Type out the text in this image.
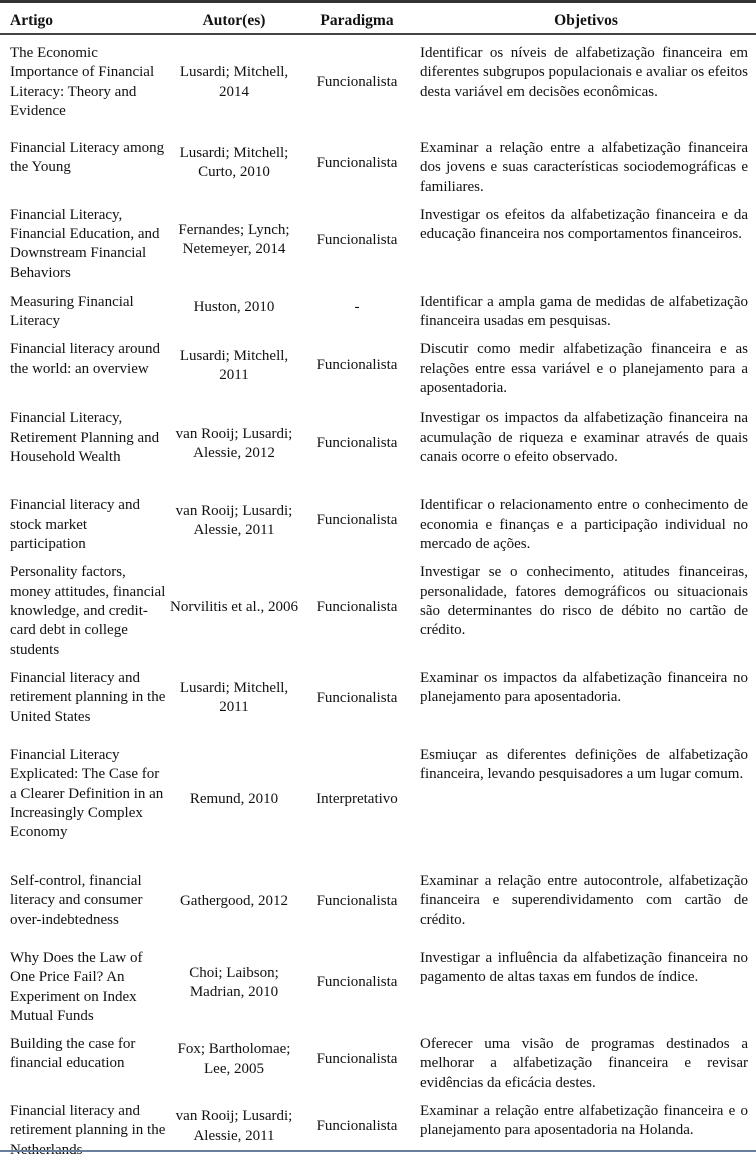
Artigo	Autor(es)	Paradigma	Objetivos
The Economic Importance of Financial Literacy: Theory and Evidence	Lusardi; Mitchell, 2014	Funcionalista	Identificar os níveis de alfabetização financeira em diferentes subgrupos populacionais e avaliar os efeitos desta variável em decisões econômicas.
Financial Literacy among the Young	Lusardi; Mitchell; Curto, 2010	Funcionalista	Examinar a relação entre a alfabetização financeira dos jovens e suas características sociodemográficas e familiares.
Financial Literacy, Financial Education, and Downstream Financial Behaviors	Fernandes; Lynch; Netemeyer, 2014	Funcionalista	Investigar os efeitos da alfabetização financeira e da educação financeira nos comportamentos financeiros.
Measuring Financial Literacy	Huston, 2010	-	Identificar a ampla gama de medidas de alfabetização financeira usadas em pesquisas.
Financial literacy around the world: an overview	Lusardi; Mitchell, 2011	Funcionalista	Discutir como medir alfabetização financeira e as relações entre essa variável e o planejamento para a aposentadoria.
Financial Literacy, Retirement Planning and Household Wealth	van Rooij; Lusardi; Alessie, 2012	Funcionalista	Investigar os impactos da alfabetização financeira na acumulação de riqueza e examinar através de quais canais ocorre o efeito observado.
Financial literacy and stock market participation	van Rooij; Lusardi; Alessie, 2011	Funcionalista	Identificar o relacionamento entre o conhecimento de economia e finanças e a participação individual no mercado de ações.
Personality factors, money attitudes, financial knowledge, and credit-card debt in college students	Norvilitis et al., 2006	Funcionalista	Investigar se o conhecimento, atitudes financeiras, personalidade, fatores demográficos ou situacionais são determinantes do risco de débito no cartão de crédito.
Financial literacy and retirement planning in the United States	Lusardi; Mitchell, 2011	Funcionalista	Examinar os impactos da alfabetização financeira no planejamento para aposentadoria.
Financial Literacy Explicated: The Case for a Clearer Definition in an Increasingly Complex Economy	Remund, 2010	Interpretativo	Esmiuçar as diferentes definições de alfabetização financeira, levando pesquisadores a um lugar comum.
Self-control, financial literacy and consumer over-indebtedness	Gathergood, 2012	Funcionalista	Examinar a relação entre autocontrole, alfabetização financeira e superendividamento com cartão de crédito.
Why Does the Law of One Price Fail? An Experiment on Index Mutual Funds	Choi; Laibson; Madrian, 2010	Funcionalista	Investigar a influência da alfabetização financeira no pagamento de altas taxas em fundos de índice.
Building the case for financial education	Fox; Bartholomae; Lee, 2005	Funcionalista	Oferecer uma visão de programas destinados a melhorar a alfabetização financeira e revisar evidências da eficácia destes.
Financial literacy and retirement planning in the	van Rooij; Lusardi; Alessie, 2011	Funcionalista	Examinar a relação entre alfabetização financeira e o planejamento para aposentadoria na Holanda.
